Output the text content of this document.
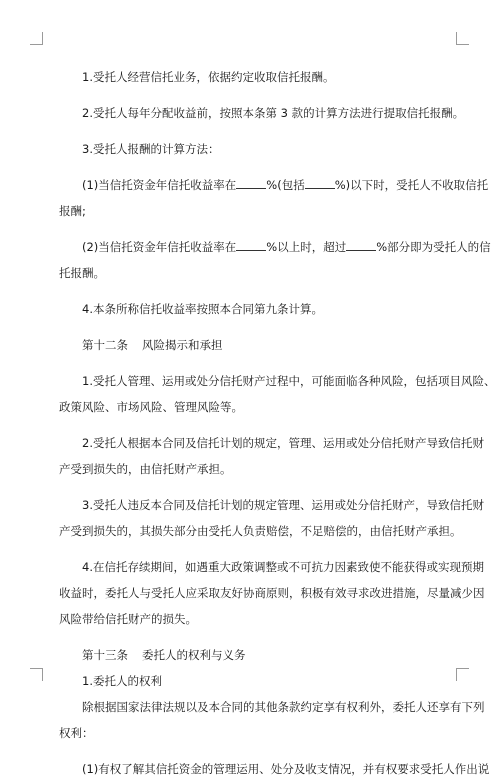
1.受托人经营信托业务，依据约定收取信托报酬。
2.受托人每年分配收益前，按照本条第 3 款的计算方法进行提取信托报酬。
3.受托人报酬的计算方法：
(1)当信托资金年信托收益率在	%(包括	%)以下时，受托人不收取信托
报酬;
(2)当信托资金年信托收益率在	%以上时，超过	%部分即为受托人的信
托报酬。
4.本条所称信托收益率按照本合同第九条计算。
第十二条 风险揭示和承担
1.受托人管理、运用或处分信托财产过程中，可能面临各种风险，包括项目风险、
政策风险、市场风险、管理风险等。
2.受托人根据本合同及信托计划的规定，管理、运用或处分信托财产导致信托财
产受到损失的，由信托财产承担。
3.受托人违反本合同及信托计划的规定管理、运用或处分信托财产，导致信托财
产受到损失的，其损失部分由受托人负责赔偿，不足赔偿的，由信托财产承担。
4.在信托存续期间，如遇重大政策调整或不可抗力因素致使不能获得或实现预期
收益时，委托人与受托人应采取友好协商原则，积极有效寻求改进措施，尽量减少因
风险带给信托财产的损失。
第十三条 委托人的权利与义务
1.委托人的权利
除根据国家法律法规以及本合同的其他条款约定享有权利外，委托人还享有下列
权利：
(1)有权了解其信托资金的管理运用、处分及收支情况，并有权要求受托人作出说
